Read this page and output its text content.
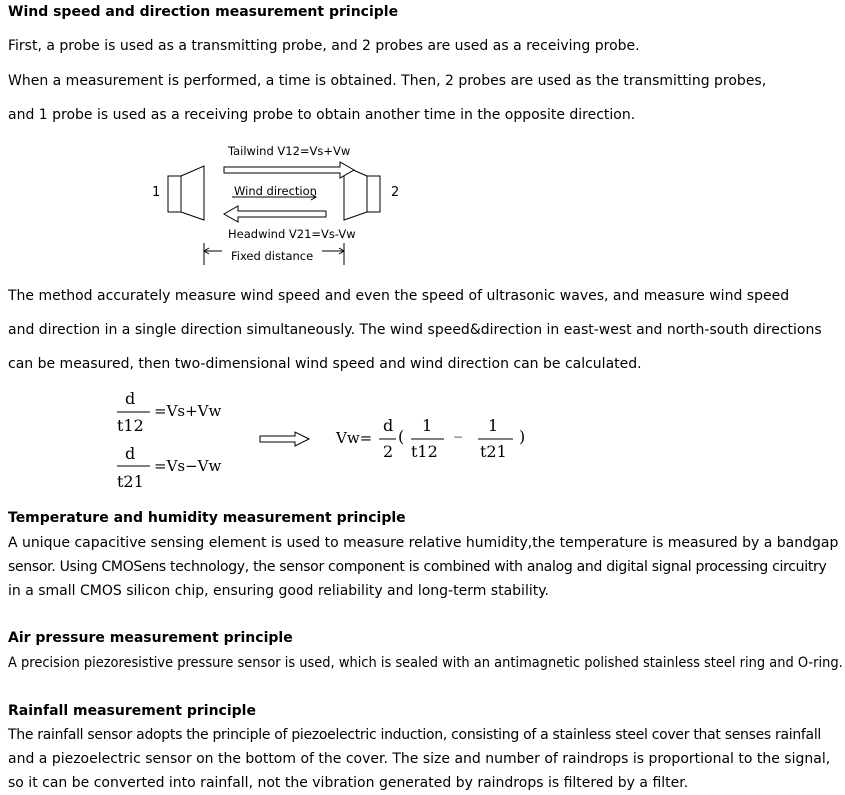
Wind speed and direction measurement principle
First, a probe is used as a transmitting probe, and 2 probes are used as a receiving probe.
When a measurement is performed, a time is obtained. Then, 2 probes are used as the transmitting probes,
and 1 probe is used as a receiving probe to obtain another time in the opposite direction.
Tailwind V12=Vs+Vw
Wind direction
Headwind V21=Vs-Vw
Fixed distance
1	2
The method accurately measure wind speed and even the speed of ultrasonic waves, and measure wind speed
and direction in a single direction simultaneously. The wind speed&direction in east-west and north-south directions
can be measured, then two-dimensional wind speed and wind direction can be calculated.
d
t12
=Vs+Vw
d
t21
=Vs−Vw
Vw=
d
2
(
1
t12
−
1
t21
)
Temperature and humidity measurement principle
A unique capacitive sensing element is used to measure relative humidity,the temperature is measured by a bandgap
sensor. Using CMOSens technology, the sensor component is combined with analog and digital signal processing circuitry
in a small CMOS silicon chip, ensuring good reliability and long-term stability.
Air pressure measurement principle
A precision piezoresistive pressure sensor is used, which is sealed with an antimagnetic polished stainless steel ring and O-ring.
Rainfall measurement principle
The rainfall sensor adopts the principle of piezoelectric induction, consisting of a stainless steel cover that senses rainfall
and a piezoelectric sensor on the bottom of the cover. The size and number of raindrops is proportional to the signal,
so it can be converted into rainfall, not the vibration generated by raindrops is filtered by a filter.
